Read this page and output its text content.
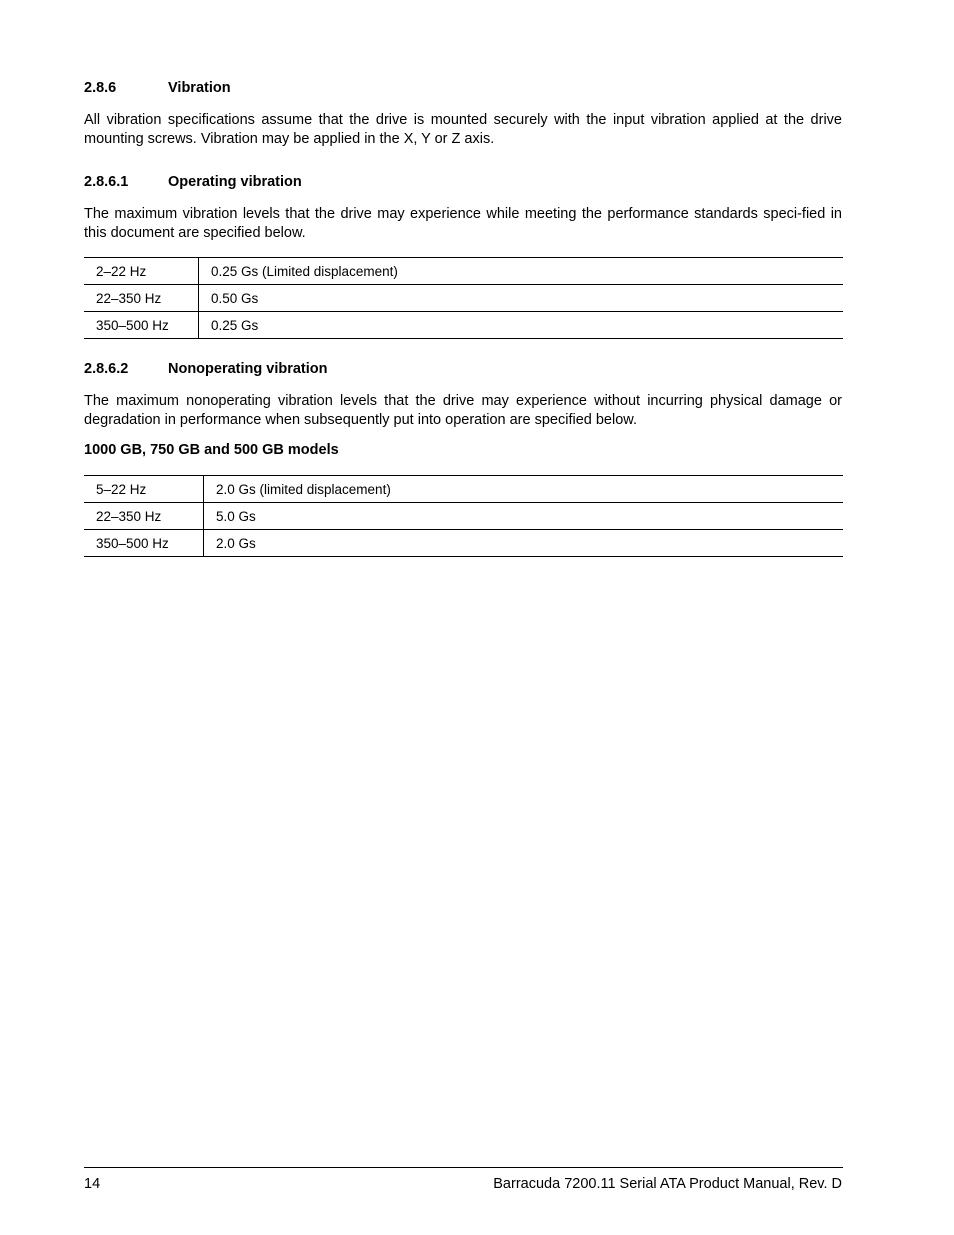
2.8.6	Vibration

All vibration specifications assume that the drive is mounted securely with the input vibration applied at the drive mounting screws. Vibration may be applied in the X, Y or Z axis.

2.8.6.1	Operating vibration

The maximum vibration levels that the drive may experience while meeting the performance standards speci-fied in this document are specified below.

2–22 Hz	0.25 Gs (Limited displacement)
22–350 Hz	0.50 Gs
350–500 Hz	0.25 Gs
2.8.6.2	Nonoperating vibration

The maximum nonoperating vibration levels that the drive may experience without incurring physical damage or degradation in performance when subsequently put into operation are specified below.

1000 GB, 750 GB and 500 GB models

5–22 Hz	2.0 Gs (limited displacement)
22–350 Hz	5.0 Gs
350–500 Hz	2.0 Gs
14	Barracuda 7200.11 Serial ATA Product Manual, Rev. D
